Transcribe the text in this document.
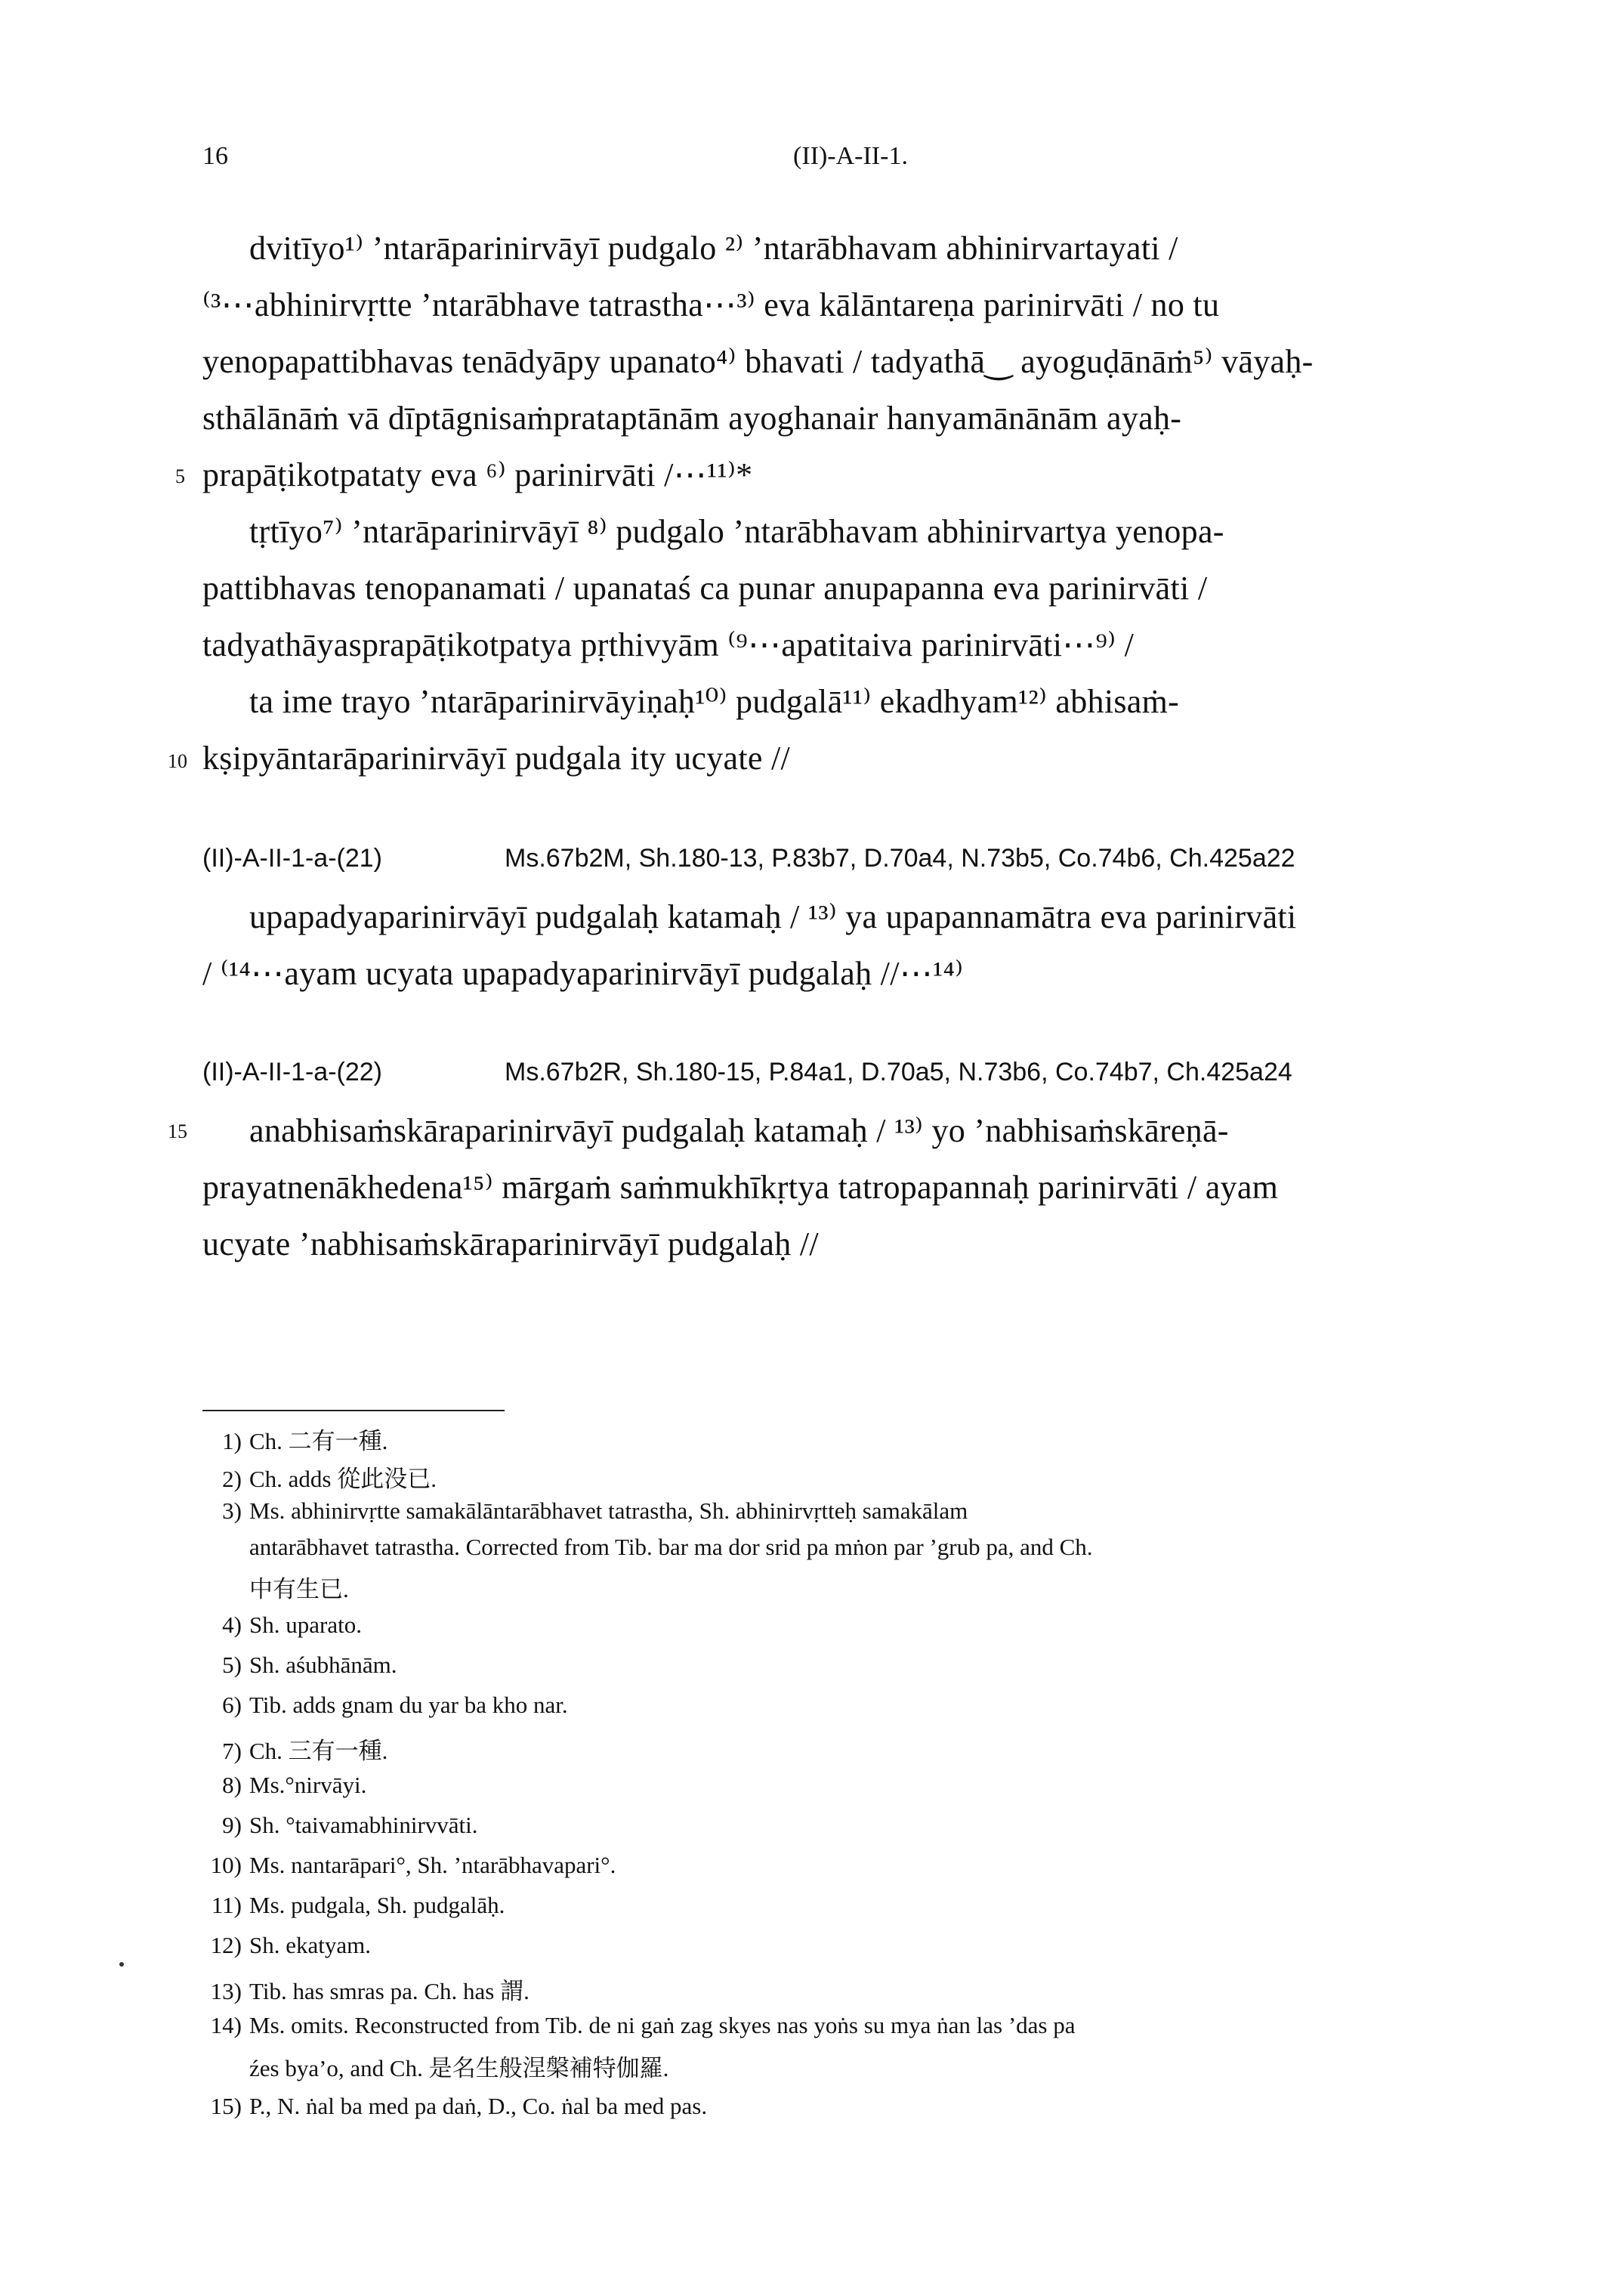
16	(II)-A-II-1.
dvitīyo¹⁾ ’ntarāparinirvāyī pudgalo ²⁾ ’ntarābhavam abhinirvartayati /
⁽³⋯abhinirvṛtte ’ntarābhave tatrastha⋯³⁾ eva kālāntareṇa parinirvāti / no tu
yenopapattibhavas tenādyāpy upanato⁴⁾ bhavati / tadyathā‿ ayoguḍānāṁ⁵⁾ vāyaḥ-
sthālānāṁ vā dīptāgnisaṁprataptānām ayoghanair hanyamānānām ayaḥ-
5 prapāṭikotpataty eva ⁶⁾ parinirvāti /⋯¹¹⁾*
tṛtīyo⁷⁾ ’ntarāparinirvāyī ⁸⁾ pudgalo ’ntarābhavam abhinirvartya yenopa-
pattibhavas tenopanamati / upanataś ca punar anupapanna eva parinirvāti /
tadyathāyasprapāṭikotpatya pṛthivyām ⁽⁹⋯apatitaiva parinirvāti⋯⁹⁾ /
ta ime trayo ’ntarāparinirvāyiṇaḥ¹⁰⁾ pudgalā¹¹⁾ ekadhyam¹²⁾ abhisaṁ-
10 kṣipyāntarāparinirvāyī pudgala ity ucyate //
(II)-A-II-1-a-(21)	Ms.67b2M, Sh.180-13, P.83b7, D.70a4, N.73b5, Co.74b6, Ch.425a22
upapadyaparinirvāyī pudgalaḥ katamaḥ / ¹³⁾ ya upapannamātra eva parinirvāti
/ ⁽¹⁴⋯ayam ucyata upapadyaparinirvāyī pudgalaḥ //⋯¹⁴⁾
(II)-A-II-1-a-(22)	Ms.67b2R, Sh.180-15, P.84a1, D.70a5, N.73b6, Co.74b7, Ch.425a24
15 anabhisaṁskāraparinirvāyī pudgalaḥ katamaḥ / ¹³⁾ yo ’nabhisaṁskāreṇā-
prayatnenākhedena¹⁵⁾ mārgaṁ saṁmukhīkṛtya tatropapannaḥ parinirvāti / ayam
ucyate ’nabhisaṁskāraparinirvāyī pudgalaḥ //
1) Ch. 二有一種.
2) Ch. adds 從此没已.
3) Ms. abhinirvṛtte samakālāntarābhavet tatrastha, Sh. abhinirvṛtteḥ samakālam
antarābhavet tatrastha. Corrected from Tib. bar ma dor srid pa mṅon par ’grub pa, and Ch.
中有生已.
4) Sh. uparato.
5) Sh. aśubhānām.
6) Tib. adds gnam du yar ba kho nar.
7) Ch. 三有一種.
8) Ms.°nirvāyi.
9) Sh. °taivamabhinirvvāti.
10) Ms. nantarāpari°, Sh. ’ntarābhavapari°.
11) Ms. pudgala, Sh. pudgalāḥ.
12) Sh. ekatyam.
13) Tib. has smras pa. Ch. has 謂.
14) Ms. omits. Reconstructed from Tib. de ni gaṅ zag skyes nas yoṅs su mya ṅan las ’das pa
źes bya’o, and Ch. 是名生般涅槃補特伽羅.
15) P., N. ṅal ba med pa daṅ, D., Co. ṅal ba med pas.
